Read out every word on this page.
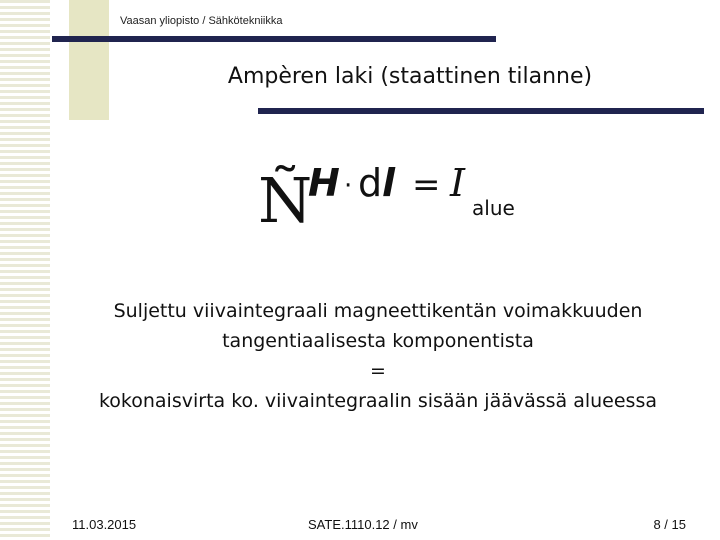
Vaasan yliopisto / Sähkötekniikka
Ampèren laki (staattinen tilanne)
Ñ
H · d l = I
alue
Suljettu viivaintegraali magneettikentän voimakkuuden
tangentiaalisesta komponentista
=
kokonaisvirta ko. viivaintegraalin sisään jäävässä alueessa
11.03.2015	SATE.1110.12 / mv	8 / 15
